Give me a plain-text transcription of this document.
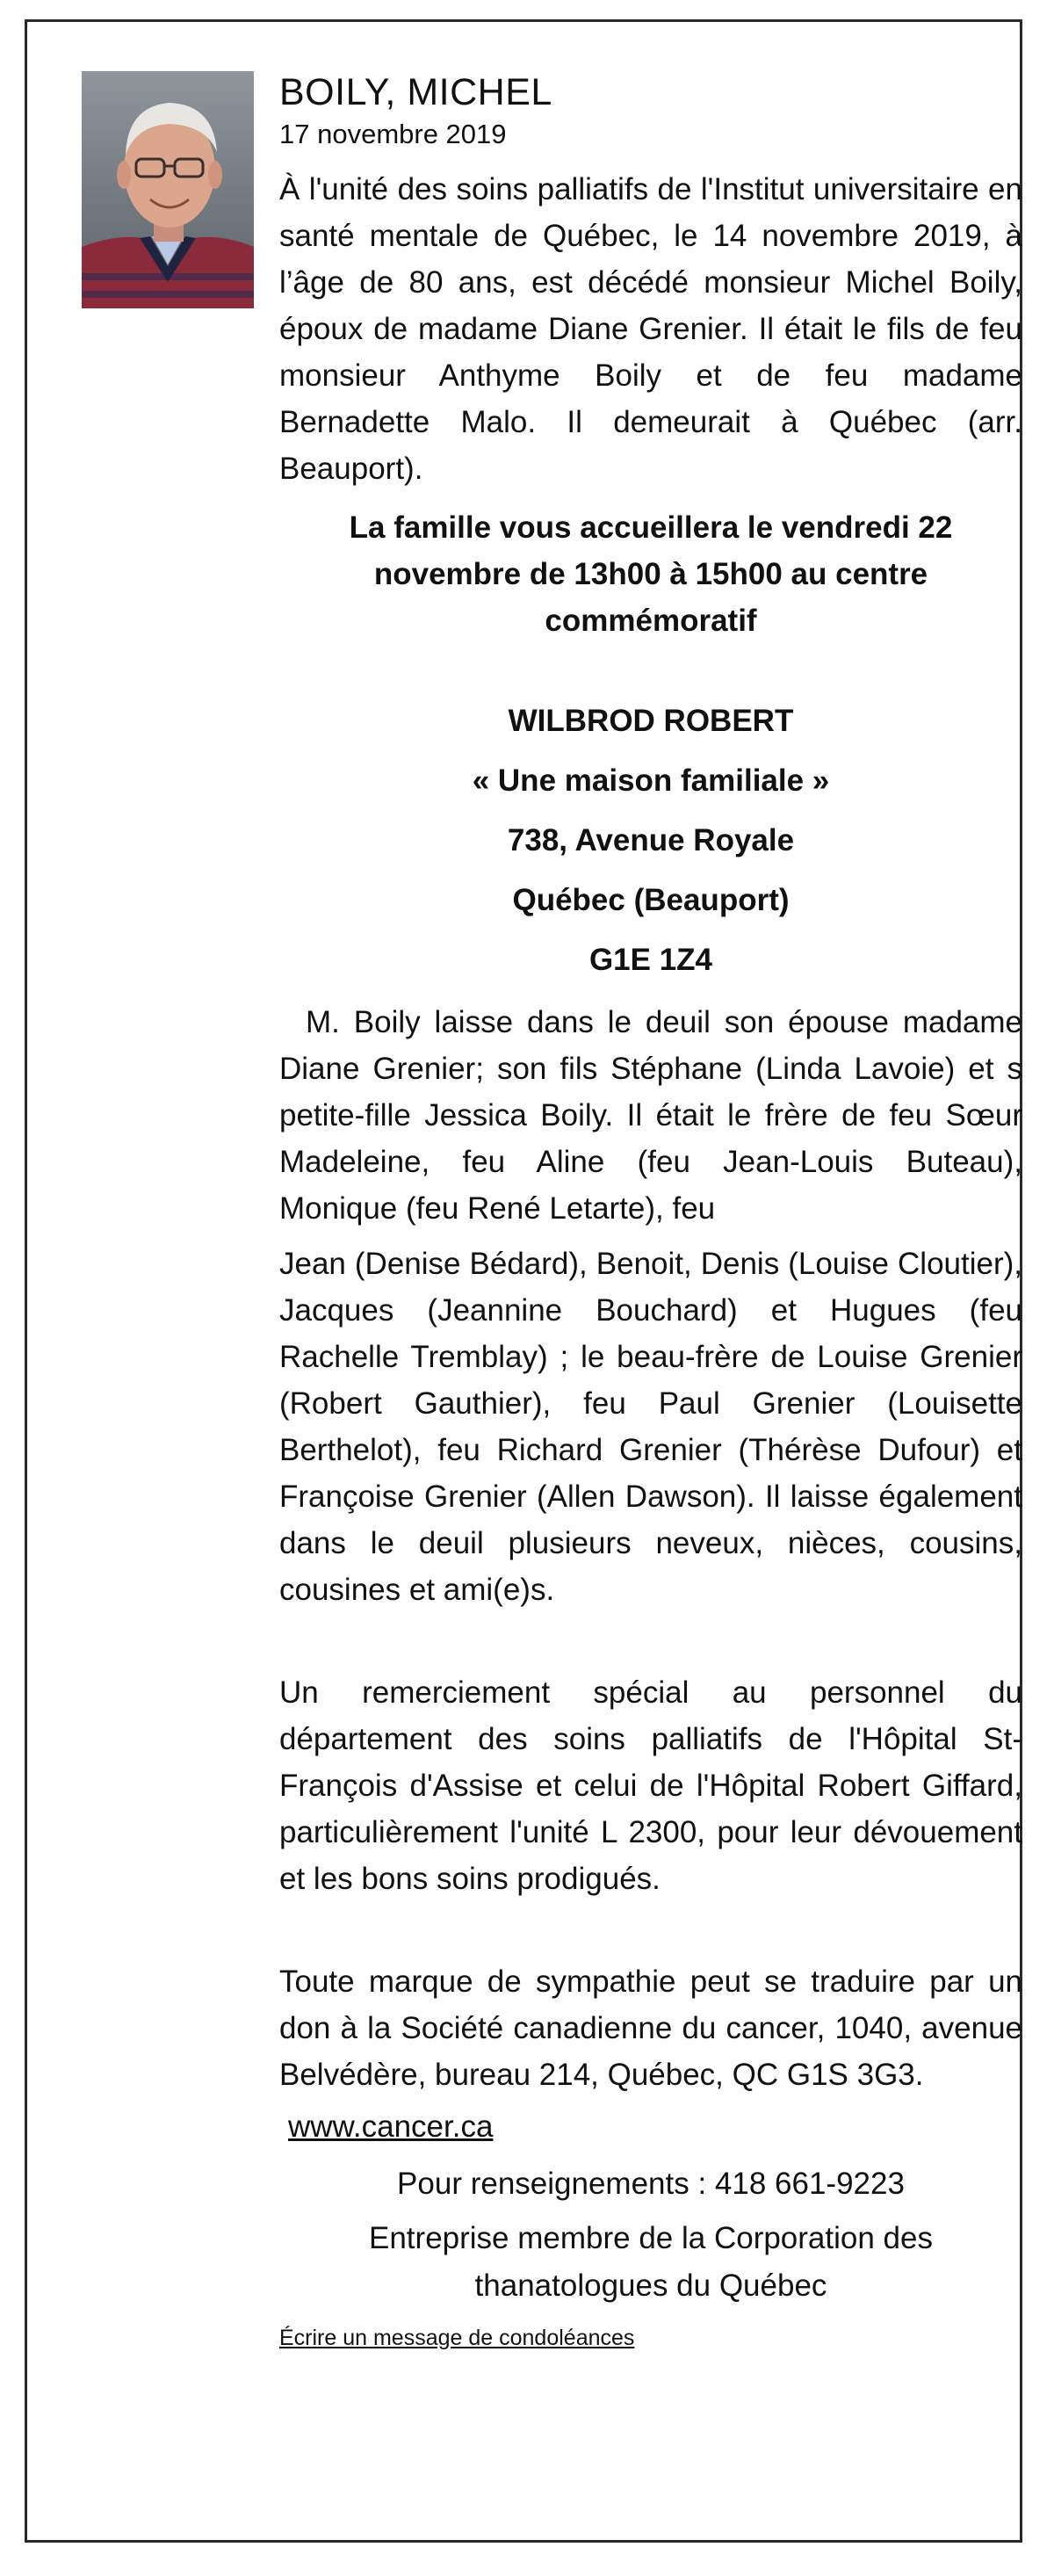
BOILY, MICHEL

17 novembre 2019

À l'unité des soins palliatifs de l'Institut universitaire en santé mentale de Québec, le 14 novembre 2019, à l’âge de 80 ans, est décédé monsieur Michel Boily, époux de madame Diane Grenier. Il était le fils de feu monsieur Anthyme Boily et de feu madame Bernadette Malo. Il demeurait à Québec (arr. Beauport).

La famille vous accueillera le vendredi 22 novembre de 13h00 à 15h00 au centre commémoratif

WILBROD ROBERT

« Une maison familiale »

738, Avenue Royale

Québec (Beauport)

G1E 1Z4

M. Boily laisse dans le deuil son épouse madame Diane Grenier; son fils Stéphane (Linda Lavoie) et s petite-fille Jessica Boily. Il était le frère de feu Sœur Madeleine, feu Aline (feu Jean-Louis Buteau), Monique (feu René Letarte), feu

Jean (Denise Bédard), Benoit, Denis (Louise Cloutier), Jacques (Jeannine Bouchard) et Hugues (feu Rachelle Tremblay) ; le beau-frère de Louise Grenier (Robert Gauthier), feu Paul Grenier (Louisette Berthelot), feu Richard Grenier (Thérèse Dufour) et Françoise Grenier (Allen Dawson). Il laisse également dans le deuil plusieurs neveux, nièces, cousins, cousines et ami(e)s.

Un remerciement spécial au personnel du département des soins palliatifs de l'Hôpital St-François d'Assise et celui de l'Hôpital Robert Giffard, particulièrement l'unité L 2300, pour leur dévouement et les bons soins prodigués.

Toute marque de sympathie peut se traduire par un don à la Société canadienne du cancer, 1040, avenue Belvédère, bureau 214, Québec, QC G1S 3G3.

www.cancer.ca

Pour renseignements : 418 661-9223

Entreprise membre de la Corporation des thanatologues du Québec

Écrire un message de condoléances
